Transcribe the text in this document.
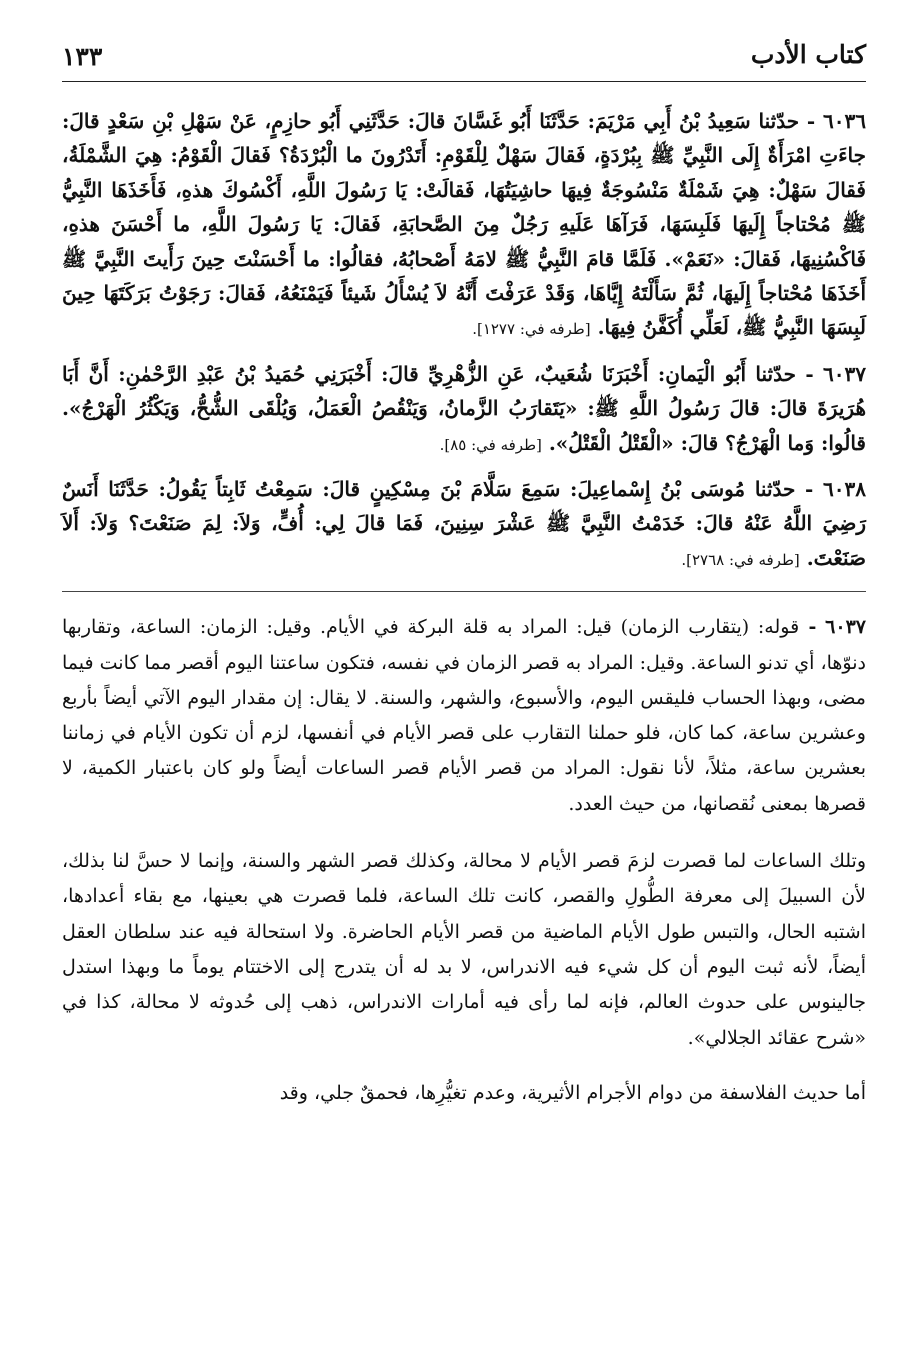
كتاب الأدب
١٣٣

٦٠٣٦ - حدّثنا سَعِيدُ بْنُ أَبِي مَرْيَمَ: حَدَّثَنَا أَبُو غَسَّانَ قالَ: حَدَّثَنِي أَبُو حازِمٍ، عَنْ سَهْلِ بْنِ سَعْدٍ قالَ: جاءَتِ امْرَأَةٌ إِلَى النَّبِيِّ ﷺ بِبُرْدَةٍ، فَقالَ سَهْلٌ لِلْقَوْمِ: أَتَدْرُونَ ما الْبُرْدَةُ؟ فَقالَ الْقَوْمُ: هِيَ الشَّمْلَةُ، فَقالَ سَهْلٌ: هِيَ شَمْلَةٌ مَنْسُوجَةٌ فِيهَا حاشِيَتُهَا، فَقالَتْ: يَا رَسُولَ اللَّهِ، أَكْسُوكَ هذهِ، فَأَخَذَهَا النَّبِيُّ ﷺ مُحْتاجاً إِلَيهَا فَلَبِسَهَا، فَرَآهَا عَلَيهِ رَجُلٌ مِنَ الصَّحابَةِ، فَقالَ: يَا رَسُولَ اللَّهِ، ما أَحْسَنَ هذهِ، فَاكْسُنِيهَا، فَقالَ: «نَعَمْ». فَلَمَّا قامَ النَّبِيُّ ﷺ لامَهُ أَصْحابُهُ، فقالُوا: ما أَحْسَنْتَ حِينَ رَأَيتَ النَّبِيَّ ﷺ أَخَذَهَا مُحْتاجاً إِلَيهَا، ثُمَّ سَأَلْتَهُ إِيَّاهَا، وَقَدْ عَرَفْتَ أَنَّهُ لاَ يُسْأَلُ شَيئاً فَيَمْنَعُهُ، فَقالَ: رَجَوْتُ بَرَكَتَهَا حِينَ لَبِسَهَا النَّبِيُّ ﷺ، لَعَلِّي أُكَفَّنُ فِيهَا. [طرفه في: ١٢٧٧].

٦٠٣٧ - حدّثنا أَبُو الْيَمانِ: أَخْبَرَنَا شُعَيبٌ، عَنِ الزُّهْرِيِّ قالَ: أَخْبَرَنِي حُمَيدُ بْنُ عَبْدِ الرَّحْمٰنِ: أَنَّ أَبَا هُرَيرَةَ قالَ: قالَ رَسُولُ اللَّهِ ﷺ: «يَتَقارَبُ الزَّمانُ، وَيَنْقُصُ الْعَمَلُ، وَيُلْقَى الشُّحُّ، وَيَكْثُرُ الْهَرْجُ». قالُوا: وَما الْهَرْجُ؟ قالَ: «الْقَتْلُ الْقَتْلُ». [طرفه في: ٨٥].

٦٠٣٨ - حدّثنا مُوسَى بْنُ إِسْماعِيلَ: سَمِعَ سَلَّامَ بْنَ مِسْكِينٍ قالَ: سَمِعْتُ ثَابِتاً يَقُولُ: حَدَّثَنَا أَنَسٌ رَضِيَ اللَّهُ عَنْهُ قالَ: خَدَمْتُ النَّبِيَّ ﷺ عَشْرَ سِنِينَ، فَمَا قالَ لِي: أُفٍّ، وَلاَ: لِمَ صَنَعْتَ؟ وَلاَ: أَلاَ صَنَعْتَ. [طرفه في: ٢٧٦٨].

٦٠٣٧ - قوله: (يتقارب الزمان) قيل: المراد به قلة البركة في الأيام. وقيل: الزمان: الساعة، وتقاربها دنوّها، أي تدنو الساعة. وقيل: المراد به قصر الزمان في نفسه، فتكون ساعتنا اليوم أقصر مما كانت فيما مضى، وبهذا الحساب فليقس اليوم، والأسبوع، والشهر، والسنة. لا يقال: إن مقدار اليوم الآتي أيضاً بأربع وعشرين ساعة، كما كان، فلو حملنا التقارب على قصر الأيام في أنفسها، لزم أن تكون الأيام في زماننا بعشرين ساعة، مثلاً، لأنا نقول: المراد من قصر الأيام قصر الساعات أيضاً ولو كان باعتبار الكمية، لا قصرها بمعنى نُقصانها، من حيث العدد.

وتلك الساعات لما قصرت لزمَ قصر الأيام لا محالة، وكذلك قصر الشهر والسنة، وإنما لا حسَّ لنا بذلك، لأن السبيلَ إلى معرفة الطُّولِ والقصر، كانت تلك الساعة، فلما قصرت هي بعينها، مع بقاء أعدادها، اشتبه الحال، والتبس طول الأيام الماضية من قصر الأيام الحاضرة. ولا استحالة فيه عند سلطان العقل أيضاً، لأنه ثبت اليوم أن كل شيء فيه الاندراس، لا بد له أن يتدرج إلى الاختتام يوماً ما وبهذا استدل جالينوس على حدوث العالم، فإنه لما رأى فيه أمارات الاندراس، ذهب إلى حُدوثه لا محالة، كذا في «شرح عقائد الجلالي».

أما حديث الفلاسفة من دوام الأجرام الأثيرية، وعدم تغيُّرِها، فحمقٌ جلي، وقد
